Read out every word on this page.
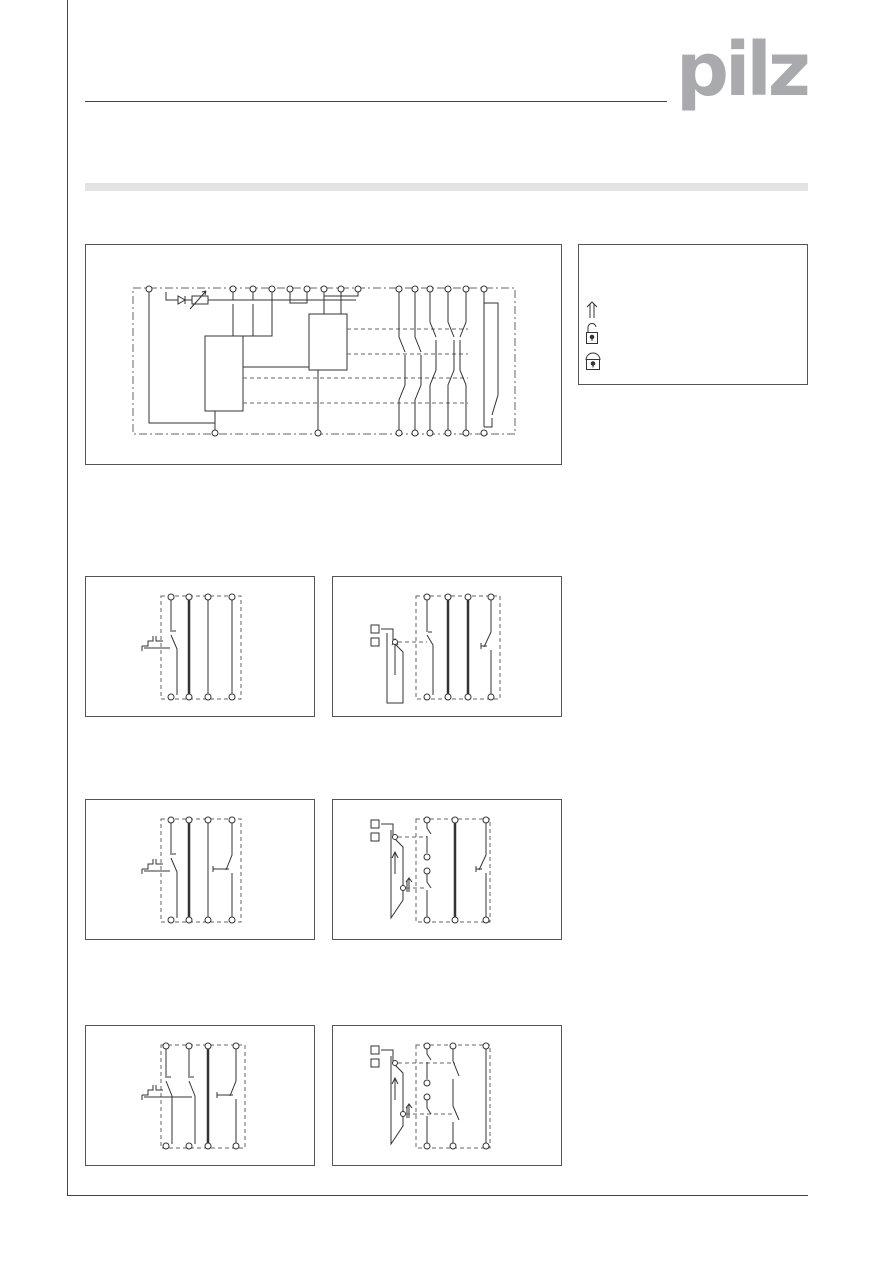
pilz
